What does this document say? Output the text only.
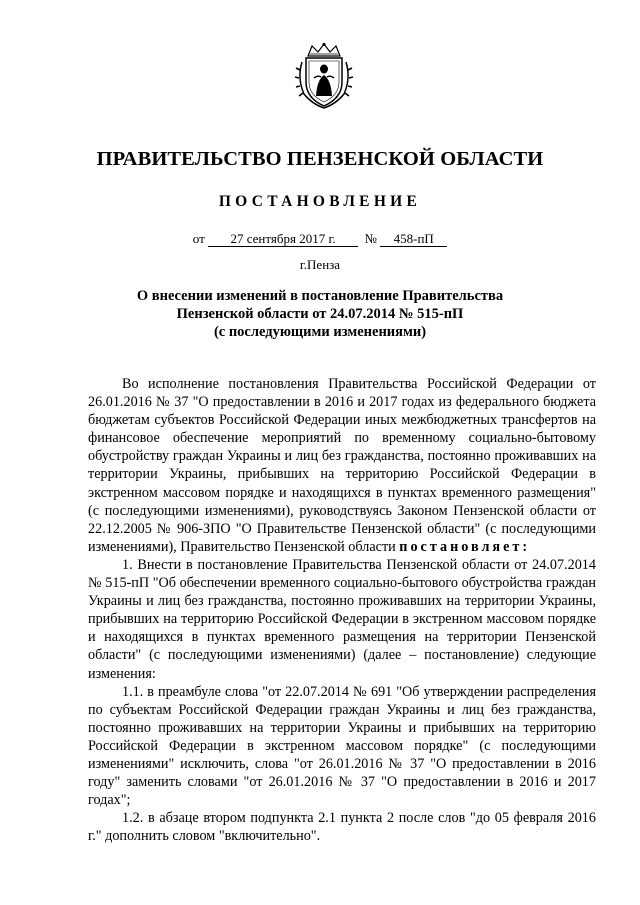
ПРАВИТЕЛЬСТВО ПЕНЗЕНСКОЙ ОБЛАСТИ
ПОСТАНОВЛЕНИЕ
от 27 сентября 2017 г. № 458-пП
г.Пенза
О внесении изменений в постановление Правительства
Пензенской области от 24.07.2014 № 515-пП
(с последующими изменениями)

Во исполнение постановления Правительства Российской Федерации от 26.01.2016 № 37 "О предоставлении в 2016 и 2017 годах из федерального бюджета бюджетам субъектов Российской Федерации иных межбюджетных трансфертов на финансовое обеспечение мероприятий по временному социально-бытовому обустройству граждан Украины и лиц без гражданства, постоянно проживавших на территории Украины, прибывших на территорию Российской Федерации в экстренном массовом порядке и находящихся в пунктах временного размещения" (с последующими изменениями), руководствуясь Законом Пензенской области от 22.12.2005 № 906-ЗПО "О Правительстве Пензенской области" (с последующими изменениями), Правительство Пензенской области постановляет:

1. Внести в постановление Правительства Пензенской области от 24.07.2014 № 515-пП "Об обеспечении временного социально-бытового обустройства граждан Украины и лиц без гражданства, постоянно проживавших на территории Украины, прибывших на территорию Российской Федерации в экстренном массовом порядке и находящихся в пунктах временного размещения на территории Пензенской области" (с последующими изменениями) (далее – постановление) следующие изменения:

1.1. в преамбуле слова "от 22.07.2014 № 691 "Об утверждении распределения по субъектам Российской Федерации граждан Украины и лиц без гражданства, постоянно проживавших на территории Украины и прибывших на территорию Российской Федерации в экстренном массовом порядке" (с последующими изменениями" исключить, слова "от 26.01.2016 № 37 "О предоставлении в 2016 году" заменить словами "от 26.01.2016 № 37 "О предоставлении в 2016 и 2017 годах";

1.2. в абзаце втором подпункта 2.1 пункта 2 после слов "до 05 февраля 2016 г." дополнить словом "включительно".
